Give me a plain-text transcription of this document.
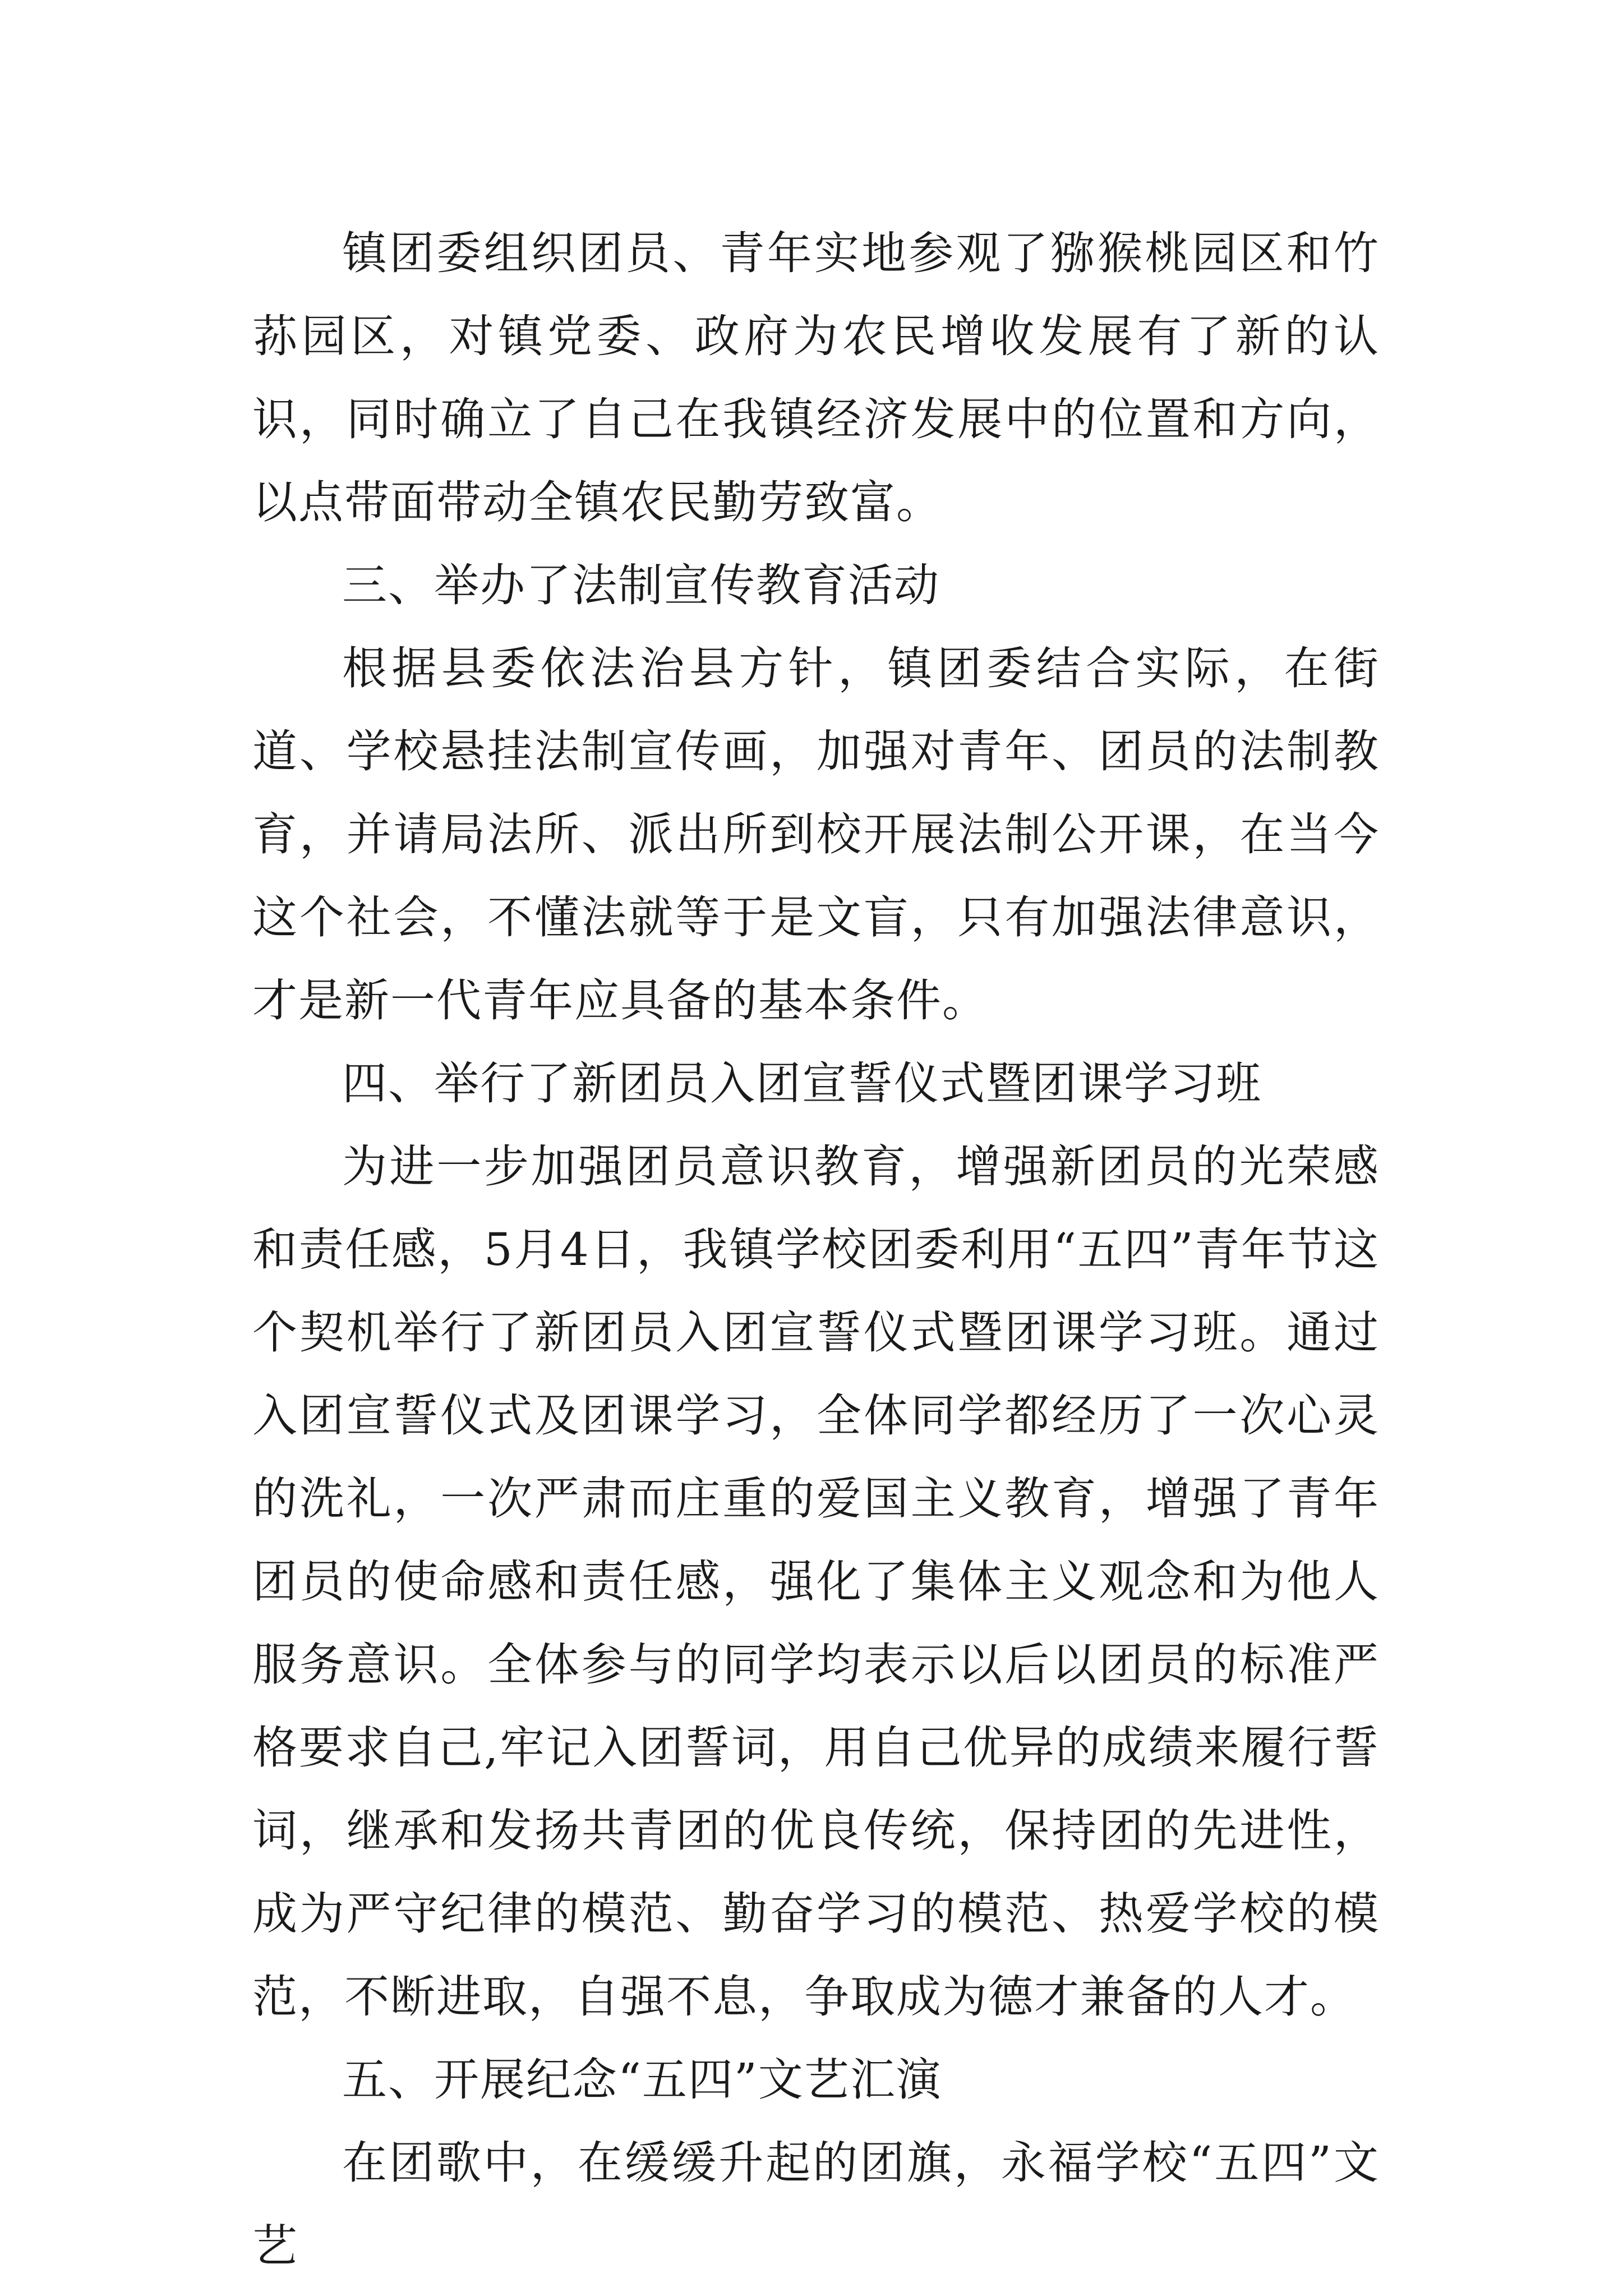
镇团委组织团员、青年实地参观了猕猴桃园区和竹荪园区，对镇党委、政府为农民增收发展有了新的认识，同时确立了自己在我镇经济发展中的位置和方向，以点带面带动全镇农民勤劳致富。

三、举办了法制宣传教育活动

根据县委依法治县方针，镇团委结合实际，在街道、学校悬挂法制宣传画，加强对青年、团员的法制教育，并请局法所、派出所到校开展法制公开课，在当今这个社会，不懂法就等于是文盲，只有加强法律意识，才是新一代青年应具备的基本条件。

四、举行了新团员入团宣誓仪式暨团课学习班

为进一步加强团员意识教育，增强新团员的光荣感和责任感，5月4日，我镇学校团委利用“五四”青年节这个契机举行了新团员入团宣誓仪式暨团课学习班。通过入团宣誓仪式及团课学习，全体同学都经历了一次心灵的洗礼，一次严肃而庄重的爱国主义教育，增强了青年团员的使命感和责任感，强化了集体主义观念和为他人服务意识。全体参与的同学均表示以后以团员的标准严格要求自己,牢记入团誓词，用自己优异的成绩来履行誓词，继承和发扬共青团的优良传统，保持团的先进性，成为严守纪律的模范、勤奋学习的模范、热爱学校的模范，不断进取，自强不息，争取成为德才兼备的人才。

五、开展纪念“五四”文艺汇演

在团歌中，在缓缓升起的团旗，永福学校“五四”文艺
